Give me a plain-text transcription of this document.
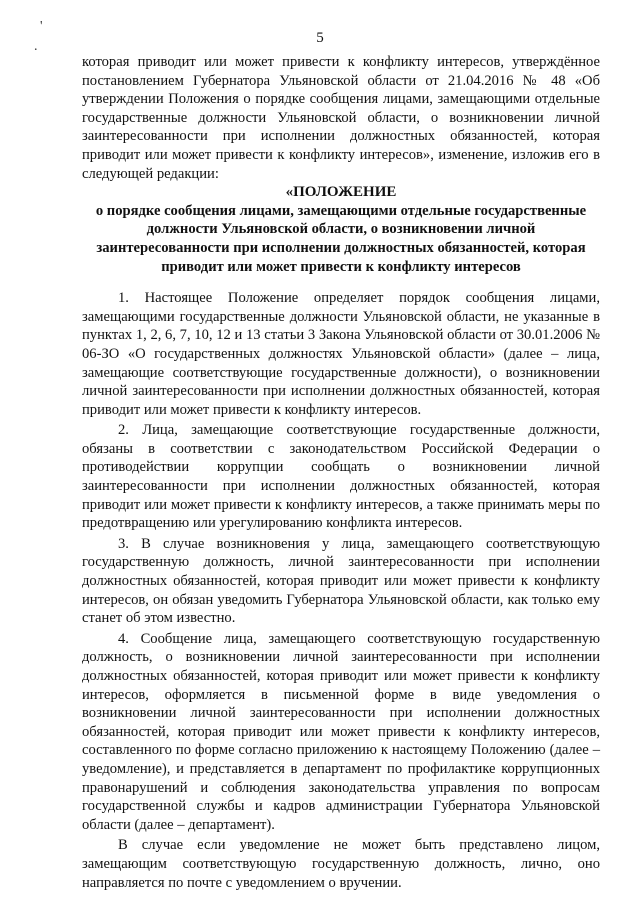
'
.
5

которая приводит или может привести к конфликту интересов, утверждённое постановлением Губернатора Ульяновской области от 21.04.2016 № 48 «Об утверждении Положения о порядке сообщения лицами, замещающими отдельные государственные должности Ульяновской области, о возникновении личной заинтересованности при исполнении должностных обязанностей, которая приводит или может привести к конфликту интересов», изменение, изложив его в следующей редакции:

«ПОЛОЖЕНИЕ

о порядке сообщения лицами, замещающими отдельные государственные должности Ульяновской области, о возникновении личной заинтересованности при исполнении должностных обязанностей, которая приводит или может привести к конфликту интересов

1. Настоящее Положение определяет порядок сообщения лицами, замещающими государственные должности Ульяновской области, не указанные в пунктах 1, 2, 6, 7, 10, 12 и 13 статьи 3 Закона Ульяновской области от 30.01.2006 № 06-ЗО «О государственных должностях Ульяновской области» (далее – лица, замещающие соответствующие государственные должности), о возникновении личной заинтересованности при исполнении должностных обязанностей, которая приводит или может привести к конфликту интересов.

2. Лица, замещающие соответствующие государственные должности, обязаны в соответствии с законодательством Российской Федерации о противодействии коррупции сообщать о возникновении личной заинтересованности при исполнении должностных обязанностей, которая приводит или может привести к конфликту интересов, а также принимать меры по предотвращению или урегулированию конфликта интересов.

3. В случае возникновения у лица, замещающего соответствующую государственную должность, личной заинтересованности при исполнении должностных обязанностей, которая приводит или может привести к конфликту интересов, он обязан уведомить Губернатора Ульяновской области, как только ему станет об этом известно.

4. Сообщение лица, замещающего соответствующую государственную должность, о возникновении личной заинтересованности при исполнении должностных обязанностей, которая приводит или может привести к конфликту интересов, оформляется в письменной форме в виде уведомления о возникновении личной заинтересованности при исполнении должностных обязанностей, которая приводит или может привести к конфликту интересов, составленного по форме согласно приложению к настоящему Положению (далее – уведомление), и представляется в департамент по профилактике коррупционных правонарушений и соблюдения законодательства управления по вопросам государственной службы и кадров администрации Губернатора Ульяновской области (далее – департамент).

В случае если уведомление не может быть представлено лицом, замещающим соответствующую государственную должность, лично, оно направляется по почте с уведомлением о вручении.
